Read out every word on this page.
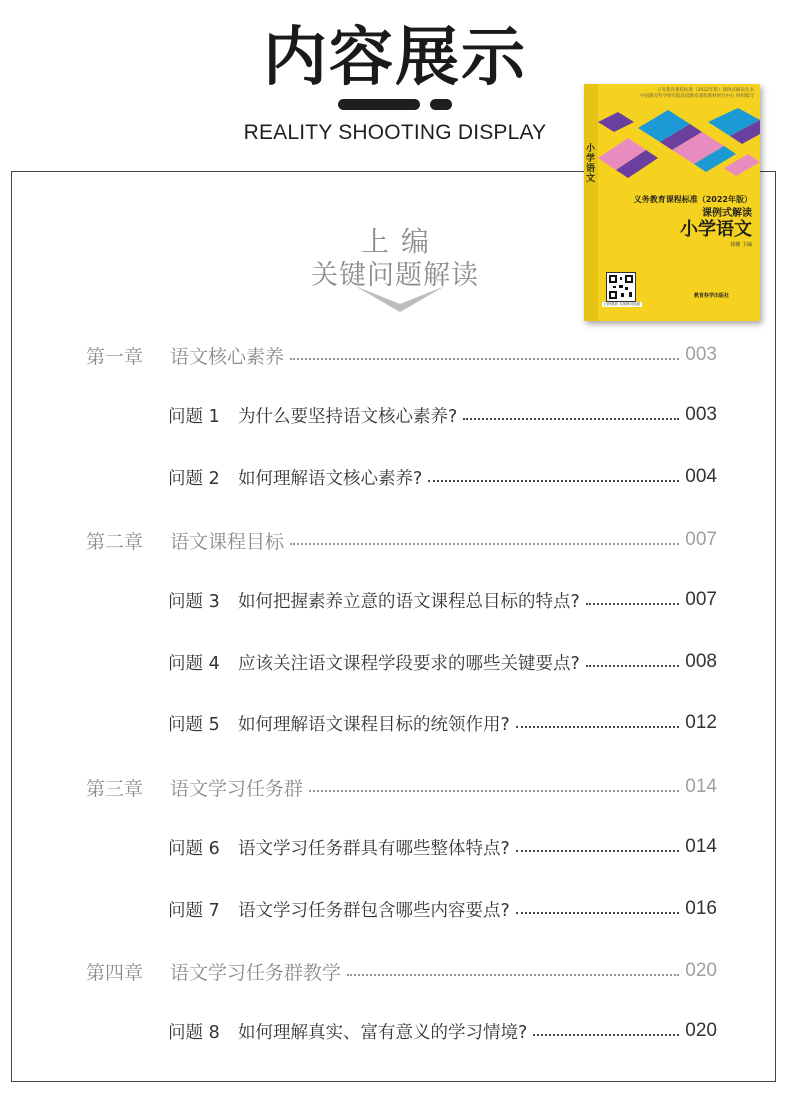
内容展示
REALITY SHOOTING DISPLAY
上编
关键问题解读
第一章 语文核心素养	003
问题 1 为什么要坚持语文核心素养?	003
问题 2 如何理解语文核心素养?	004
第二章 语文课程目标	007
问题 3 如何把握素养立意的语文课程总目标的特点?	007
问题 4 应该关注语文课程学段要求的哪些关键要点?	008
问题 5 如何理解语文课程目标的统领作用?	012
第三章 语文学习任务群	014
问题 6 语文学习任务群具有哪些整体特点?	014
问题 7 语文学习任务群包含哪些内容要点?	016
第四章 语文学习任务群教学	020
问题 8 如何理解真实、富有意义的学习情境?	020
小学语文
义务教育课程标准（2022年版）课例式解读丛书
中国教育科学研究院基础教育课程教材研究中心 组织编写
义务教育课程标准（2022年版）
课例式解读
小学语文
徐鹏 主编
扫码观看 名师精讲视频
教育科学出版社
